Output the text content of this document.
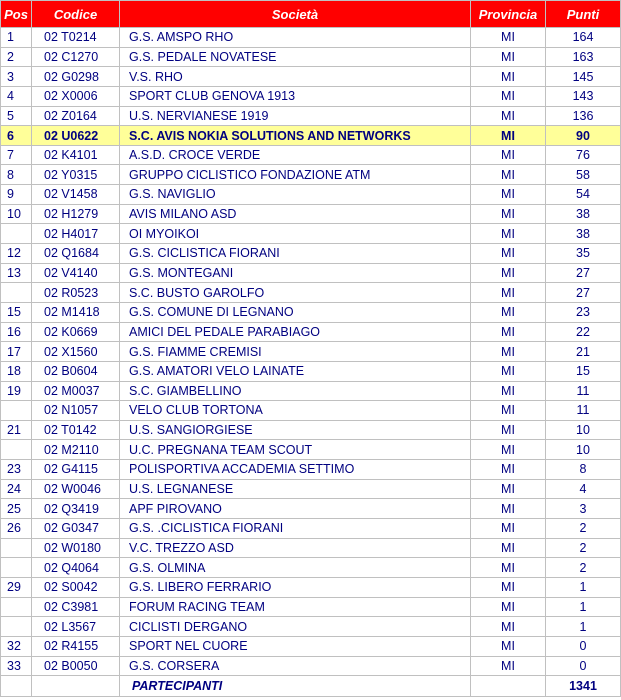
Pos	Codice	Società	Provincia	Punti
1	02 T0214	G.S. AMSPO RHO	MI	164
2	02 C1270	G.S. PEDALE NOVATESE	MI	163
3	02 G0298	V.S. RHO	MI	145
4	02 X0006	SPORT CLUB GENOVA 1913	MI	143
5	02 Z0164	U.S. NERVIANESE 1919	MI	136
6	02 U0622	S.C. AVIS NOKIA SOLUTIONS AND NETWORKS	MI	90
7	02 K4101	A.S.D. CROCE VERDE	MI	76
8	02 Y0315	GRUPPO CICLISTICO FONDAZIONE ATM	MI	58
9	02 V1458	G.S. NAVIGLIO	MI	54
10	02 H1279	AVIS MILANO ASD	MI	38
	02 H4017	OI MYOIKOI	MI	38
12	02 Q1684	G.S. CICLISTICA FIORANI	MI	35
13	02 V4140	G.S. MONTEGANI	MI	27
	02 R0523	S.C. BUSTO GAROLFO	MI	27
15	02 M1418	G.S. COMUNE DI LEGNANO	MI	23
16	02 K0669	AMICI DEL PEDALE PARABIAGO	MI	22
17	02 X1560	G.S. FIAMME CREMISI	MI	21
18	02 B0604	G.S. AMATORI VELO LAINATE	MI	15
19	02 M0037	S.C. GIAMBELLINO	MI	11
	02 N1057	VELO CLUB TORTONA	MI	11
21	02 T0142	U.S. SANGIORGIESE	MI	10
	02 M2110	U.C. PREGNANA TEAM SCOUT	MI	10
23	02 G4115	POLISPORTIVA ACCADEMIA SETTIMO	MI	8
24	02 W0046	U.S. LEGNANESE	MI	4
25	02 Q3419	APF PIROVANO	MI	3
26	02 G0347	G.S. .CICLISTICA FIORANI	MI	2
	02 W0180	V.C. TREZZO ASD	MI	2
	02 Q4064	G.S. OLMINA	MI	2
29	02 S0042	G.S. LIBERO FERRARIO	MI	1
	02 C3981	FORUM RACING TEAM	MI	1
	02 L3567	CICLISTI DERGANO	MI	1
32	02 R4155	SPORT NEL CUORE	MI	0
33	02 B0050	G.S. CORSERA	MI	0
		PARTECIPANTI		1341
